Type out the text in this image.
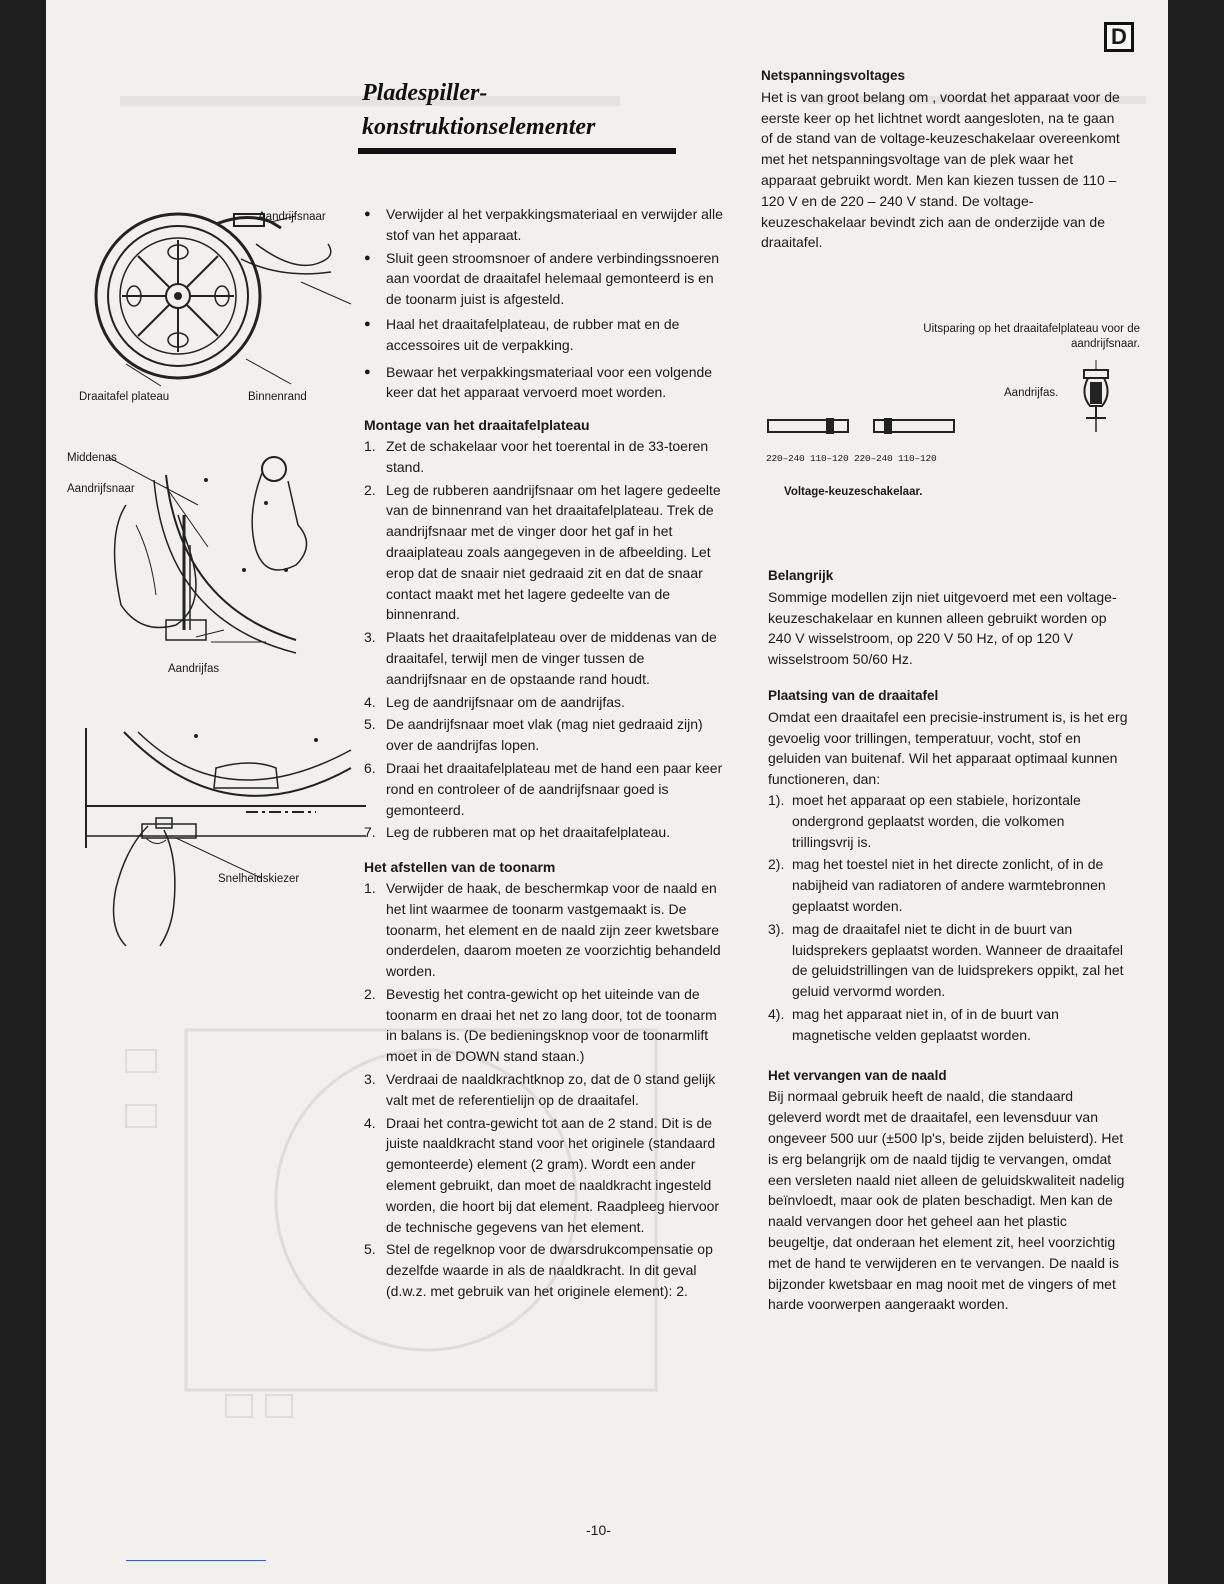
D
Pladespiller-
konstruktionselementer
Aandrijfsnaar
Draaitafel plateau	Binnenrand
Middenas
Aandrijfsnaar
Aandrijfas
Snelheidskiezer
● Verwijder al het verpakkingsmateriaal en verwijder alle stof van het apparaat.
● Sluit geen stroomsnoer of andere verbindingssnoeren aan voordat de draaitafel helemaal gemonteerd is en de toonarm juist is afgesteld.
● Haal het draaitafelplateau, de rubber mat en de accessoires uit de verpakking.
● Bewaar het verpakkingsmateriaal voor een volgende keer dat het apparaat vervoerd moet worden.
Montage van het draaitafelplateau
1. Zet de schakelaar voor het toerental in de 33-toeren stand.
2. Leg de rubberen aandrijfsnaar om het lagere gedeelte van de binnenrand van het draaitafelplateau. Trek de aandrijfsnaar met de vinger door het gaf in het draaiplateau zoals aangegeven in de afbeelding. Let erop dat de snaair niet gedraaid zit en dat de snaar contact maakt met het lagere gedeelte van de binnenrand.
3. Plaats het draaitafelplateau over de middenas van de draaitafel, terwijl men de vinger tussen de aandrijfsnaar en de opstaande rand houdt.
4. Leg de aandrijfsnaar om de aandrijfas.
5. De aandrijfsnaar moet vlak (mag niet gedraaid zijn) over de aandrijfas lopen.
6. Draai het draaitafelplateau met de hand een paar keer rond en controleer of de aandrijfsnaar goed is gemonteerd.
7. Leg de rubberen mat op het draaitafelplateau.
Het afstellen van de toonarm
1. Verwijder de haak, de beschermkap voor de naald en het lint waarmee de toonarm vastgemaakt is. De toonarm, het element en de naald zijn zeer kwetsbare onderdelen, daarom moeten ze voorzichtig behandeld worden.
2. Bevestig het contra-gewicht op het uiteinde van de toonarm en draai het net zo lang door, tot de toonarm in balans is. (De bedieningsknop voor de toonarmlift moet in de DOWN stand staan.)
3. Verdraai de naaldkrachtknop zo, dat de 0 stand gelijk valt met de referentielijn op de draaitafel.
4. Draai het contra-gewicht tot aan de 2 stand. Dit is de juiste naaldkracht stand voor het originele (standaard gemonteerde) element (2 gram). Wordt een ander element gebruikt, dan moet de naaldkracht ingesteld worden, die hoort bij dat element. Raadpleeg hiervoor de technische gegevens van het element.
5. Stel de regelknop voor de dwarsdrukcompensatie op dezelfde waarde in als de naaldkracht. In dit geval (d.w.z. met gebruik van het originele element): 2.
Netspanningsvoltages

Het is van groot belang om , voordat het apparaat voor de eerste keer op het lichtnet wordt aangesloten, na te gaan of de stand van de voltage-keuzeschakelaar overeenkomt met het netspanningsvoltage van de plek waar het apparaat gebruikt wordt. Men kan kiezen tussen de 110 – 120 V en de 220 – 240 V stand. De voltage-keuzeschakelaar bevindt zich aan de onderzijde van de draaitafel.

Uitsparing op het draaitafelplateau voor de
aandrijfsnaar.
Aandrijfas.
220–240 110–120 220–240 110–120
Voltage-keuzeschakelaar.
Belangrijk

Sommige modellen zijn niet uitgevoerd met een voltage-keuzeschakelaar en kunnen alleen gebruikt worden op 240 V wisselstroom, op 220 V 50 Hz, of op 120 V wisselstroom 50/60 Hz.

Plaatsing van de draaitafel

Omdat een draaitafel een precisie-instrument is, is het erg gevoelig voor trillingen, temperatuur, vocht, stof en geluiden van buitenaf. Wil het apparaat optimaal kunnen functioneren, dan:

1). moet het apparaat op een stabiele, horizontale ondergrond geplaatst worden, die volkomen trillingsvrij is.
2). mag het toestel niet in het directe zonlicht, of in de nabijheid van radiatoren of andere warmtebronnen geplaatst worden.
3). mag de draaitafel niet te dicht in de buurt van luidsprekers geplaatst worden. Wanneer de draaitafel de geluidstrillingen van de luidsprekers oppikt, zal het geluid vervormd worden.
4). mag het apparaat niet in, of in de buurt van magnetische velden geplaatst worden.
Het vervangen van de naald

Bij normaal gebruik heeft de naald, die standaard geleverd wordt met de draaitafel, een levensduur van ongeveer 500 uur (±500 lp's, beide zijden beluisterd). Het is erg belangrijk om de naald tijdig te vervangen, omdat een versleten naald niet alleen de geluidskwaliteit nadelig beïnvloedt, maar ook de platen beschadigt. Men kan de naald vervangen door het geheel aan het plastic beugeltje, dat onderaan het element zit, heel voorzichtig met de hand te verwijderen en te vervangen. De naald is bijzonder kwetsbaar en mag nooit met de vingers of met harde voorwerpen aangeraakt worden.

-10-
